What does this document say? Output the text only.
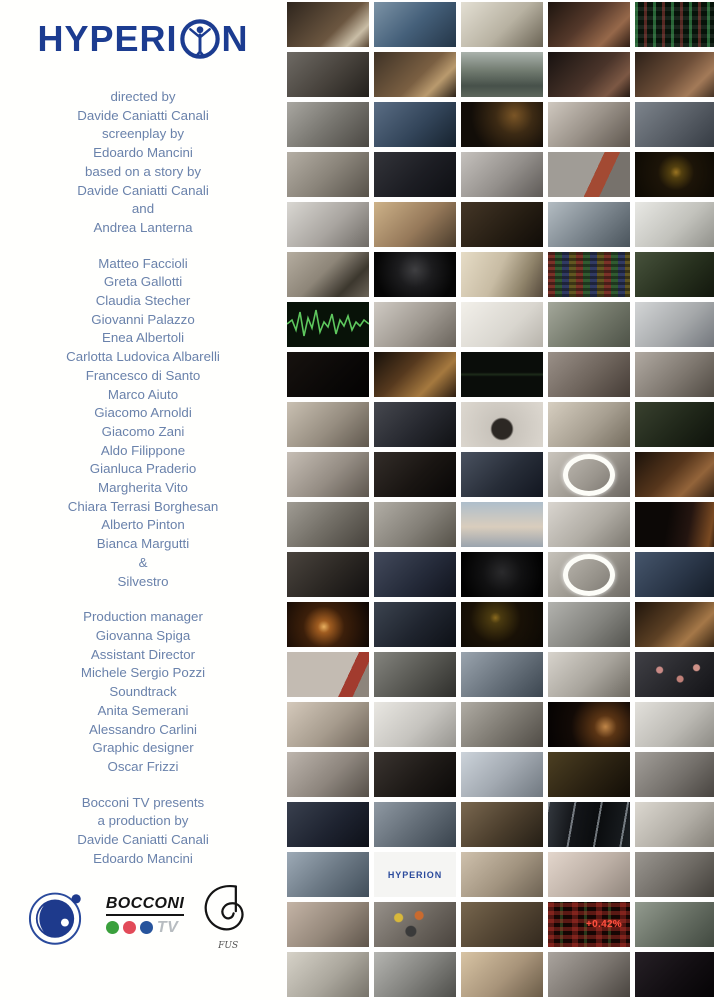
HYPERI N
directed by
Davide Caniatti Canali
screenplay by
Edoardo Mancini
based on a story by
Davide Caniatti Canali
and
Andrea Lanterna
Matteo Faccioli
Greta Gallotti
Claudia Stecher
Giovanni Palazzo
Enea Albertoli
Carlotta Ludovica Albarelli
Francesco di Santo
Marco Aiuto
Giacomo Arnoldi
Giacomo Zani
Aldo Filippone
Gianluca Praderio
Margherita Vito
Chiara Terrasi Borghesan
Alberto Pinton
Bianca Margutti
&
Silvestro
Production manager
Giovanna Spiga
Assistant Director
Michele Sergio Pozzi
Soundtrack
Anita Semerani
Alessandro Carlini
Graphic designer
Oscar Frizzi
Bocconi TV presents
a production by
Davide Caniatti Canali
Edoardo Mancini
BOCCONI
TV
FUS
HYPERION
+0.42%
